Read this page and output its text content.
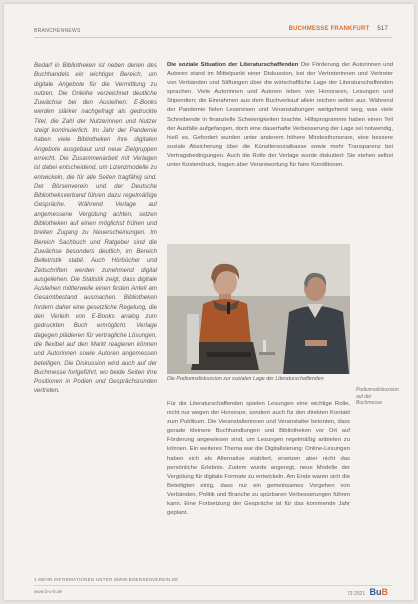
BRANCHENNEWS	BUCHMESSE FRANKFURT 517
Bedarf in Bibliotheken ist neben denen des Buchhandels ein wichtiger Bereich, um digitale Angebote für die Vermittlung zu nutzen. Die Onleihe verzeichnet deutliche Zuwächse bei den Ausleihen: E-Books werden stärker nachgefragt als gedruckte Titel, die Zahl der Nutzerinnen und Nutzer steigt kontinuierlich. Im Jahr der Pandemie haben viele Bibliotheken ihre digitalen Angebote ausgebaut und neue Zielgruppen erreicht. Die Zusammenarbeit mit Verlagen ist dabei entscheidend, um Lizenzmodelle zu entwickeln, die für alle Seiten tragfähig sind. Der Börsenverein und der Deutsche Bibliotheksverband führen dazu regelmäßige Gespräche. Während Verlage auf angemessene Vergütung achten, setzen Bibliotheken auf einen möglichst frühen und breiten Zugang zu Neuerscheinungen. Im Bereich Sachbuch und Ratgeber sind die Zuwächse besonders deutlich, im Bereich Belletristik stabil. Auch Hörbücher und Zeitschriften werden zunehmend digital ausgeliehen. Die Statistik zeigt, dass digitale Ausleihen mittlerweile einen festen Anteil am Gesamtbestand ausmachen. Bibliotheken fordern daher eine gesetzliche Regelung, die den Verleih von E-Books analog zum gedruckten Buch ermöglicht. Verlage dagegen plädieren für vertragliche Lösungen, die flexibel auf den Markt reagieren können und Autorinnen sowie Autoren angemessen beteiligen. Die Diskussion wird auch auf der Buchmesse fortgeführt, wo beide Seiten ihre Positionen in Podien und Gesprächsrunden vertreten.

Die soziale Situation der Literaturschaffenden Die Förderung der Autorinnen und Autoren stand im Mittelpunkt einer Diskussion, bei der Vertreterinnen und Vertreter von Verbänden und Stiftungen über die wirtschaftliche Lage der Literaturschaffenden sprachen. Viele Autorinnen und Autoren leben von Honoraren, Lesungen und Stipendien; die Einnahmen aus dem Buchverkauf allein reichen selten aus. Während der Pandemie fielen Lesereisen und Veranstaltungen weitgehend weg, was viele Schreibende in finanzielle Schwierigkeiten brachte. Hilfsprogramme haben einen Teil der Ausfälle aufgefangen, doch eine dauerhafte Verbesserung der Lage sei notwendig, hieß es. Gefordert wurden unter anderem höhere Mindesthonorare, eine bessere soziale Absicherung über die Künstlersozialkasse sowie mehr Transparenz bei Vertragsbedingungen. Auch die Rolle der Verlage wurde diskutiert: Sie stehen selbst unter Kostendruck, tragen aber Verantwortung für faire Konditionen.

Die Podiumsdiskussion zur sozialen Lage der Literaturschaffenden
Podiumsdiskussion auf der Buchmesse
Für die Literaturschaffenden spielen Lesungen eine wichtige Rolle, nicht nur wegen der Honorare, sondern auch für den direkten Kontakt zum Publikum. Die Veranstalterinnen und Veranstalter betonten, dass gerade kleinere Buchhandlungen und Bibliotheken vor Ort auf Förderung angewiesen sind, um Lesungen regelmäßig anbieten zu können. Ein weiteres Thema war die Digitalisierung: Online-Lesungen haben sich als Alternative etabliert, ersetzen aber nicht das persönliche Erlebnis. Zudem wurde angeregt, neue Modelle der Vergütung für digitale Formate zu entwickeln. Am Ende waren sich die Beteiligten einig, dass nur ein gemeinsames Vorgehen von Verbänden, Politik und Branche zu spürbaren Verbesserungen führen kann. Eine Fortsetzung der Gespräche ist für das kommende Jahr geplant.
1 MEHR INFORMATIONEN UNTER WWW.BOERSENVEREIN.DE
www.b-u-b.de	73 2021 BuB
